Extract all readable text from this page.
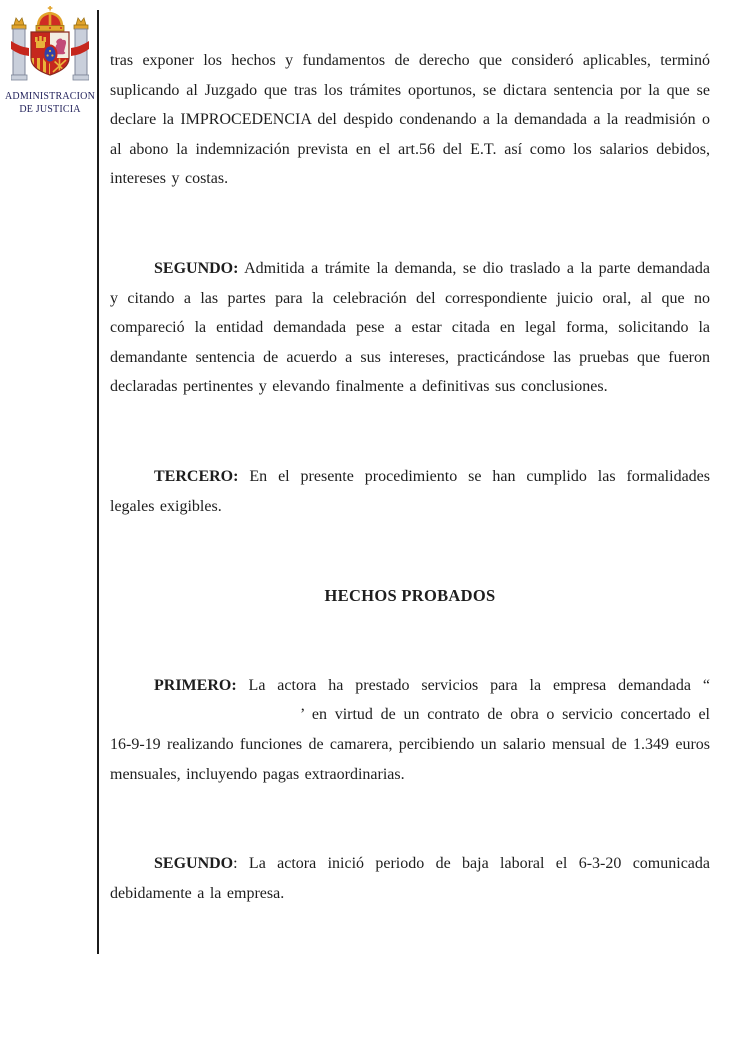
ADMINISTRACION
DE JUSTICIA

tras exponer los hechos y fundamentos de derecho que consideró aplicables, terminó suplicando al Juzgado que tras los trámites oportunos, se dictara sentencia por la que se declare la IMPROCEDENCIA del despido condenando a la demandada a la readmisión o al abono la indemnización prevista en el art.56 del E.T. así como los salarios debidos, intereses y costas.

SEGUNDO: Admitida a trámite la demanda, se dio traslado a la parte demandada y citando a las partes para la celebración del correspondiente juicio oral, al que no compareció la entidad demandada pese a estar citada en legal forma, solicitando la demandante sentencia de acuerdo a sus intereses, practicándose las pruebas que fueron declaradas pertinentes y elevando finalmente a definitivas sus conclusiones.

TERCERO: En el presente procedimiento se han cumplido las formalidades legales exigibles.

HECHOS PROBADOS

PRIMERO: La actora ha prestado servicios para la empresa demandada “’ en virtud de un contrato de obra o servicio concertado el 16-9-19 realizando funciones de camarera, percibiendo un salario mensual de 1.349 euros mensuales, incluyendo pagas extraordinarias.

SEGUNDO: La actora inició periodo de baja laboral el 6-3-20 comunicada debidamente a la empresa.
